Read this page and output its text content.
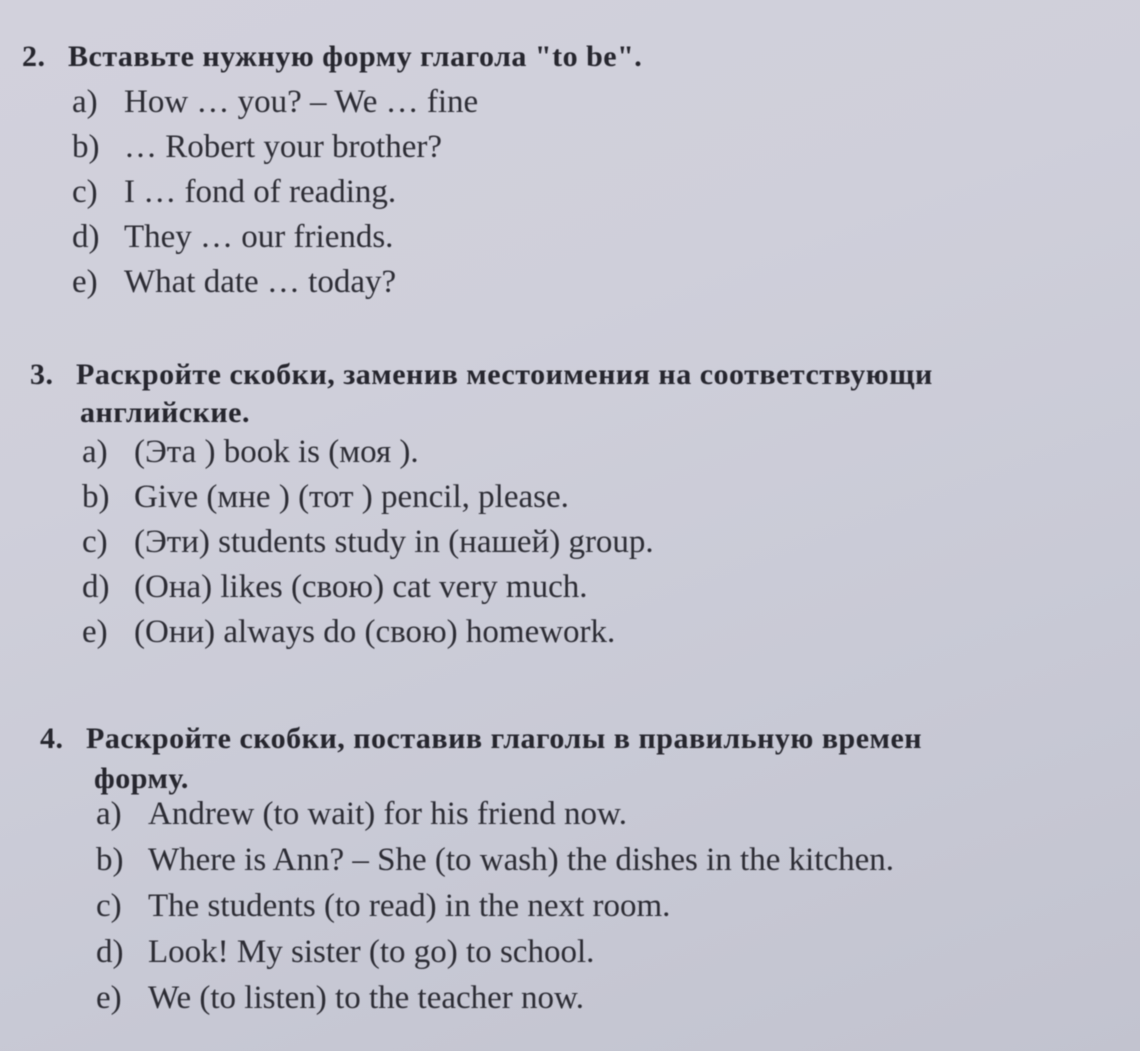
2. Вставьте нужную форму глагола "to be".
a) How … you? – We … fine
b) … Robert your brother?
c) I … fond of reading.
d) They … our friends.
e) What date … today?
3. Раскройте скобки, заменив местоимения на соответствующи
английские.
a) (Эта ) book is (моя ).
b) Give (мне ) (тот ) pencil, please.
c) (Эти) students study in (нашей) group.
d) (Она) likes (свою) cat very much.
e) (Они) always do (свою) homework.
4. Раскройте скобки, поставив глаголы в правильную времен
форму.
a) Andrew (to wait) for his friend now.
b) Where is Ann? – She (to wash) the dishes in the kitchen.
c) The students (to read) in the next room.
d) Look! My sister (to go) to school.
e) We (to listen) to the teacher now.
